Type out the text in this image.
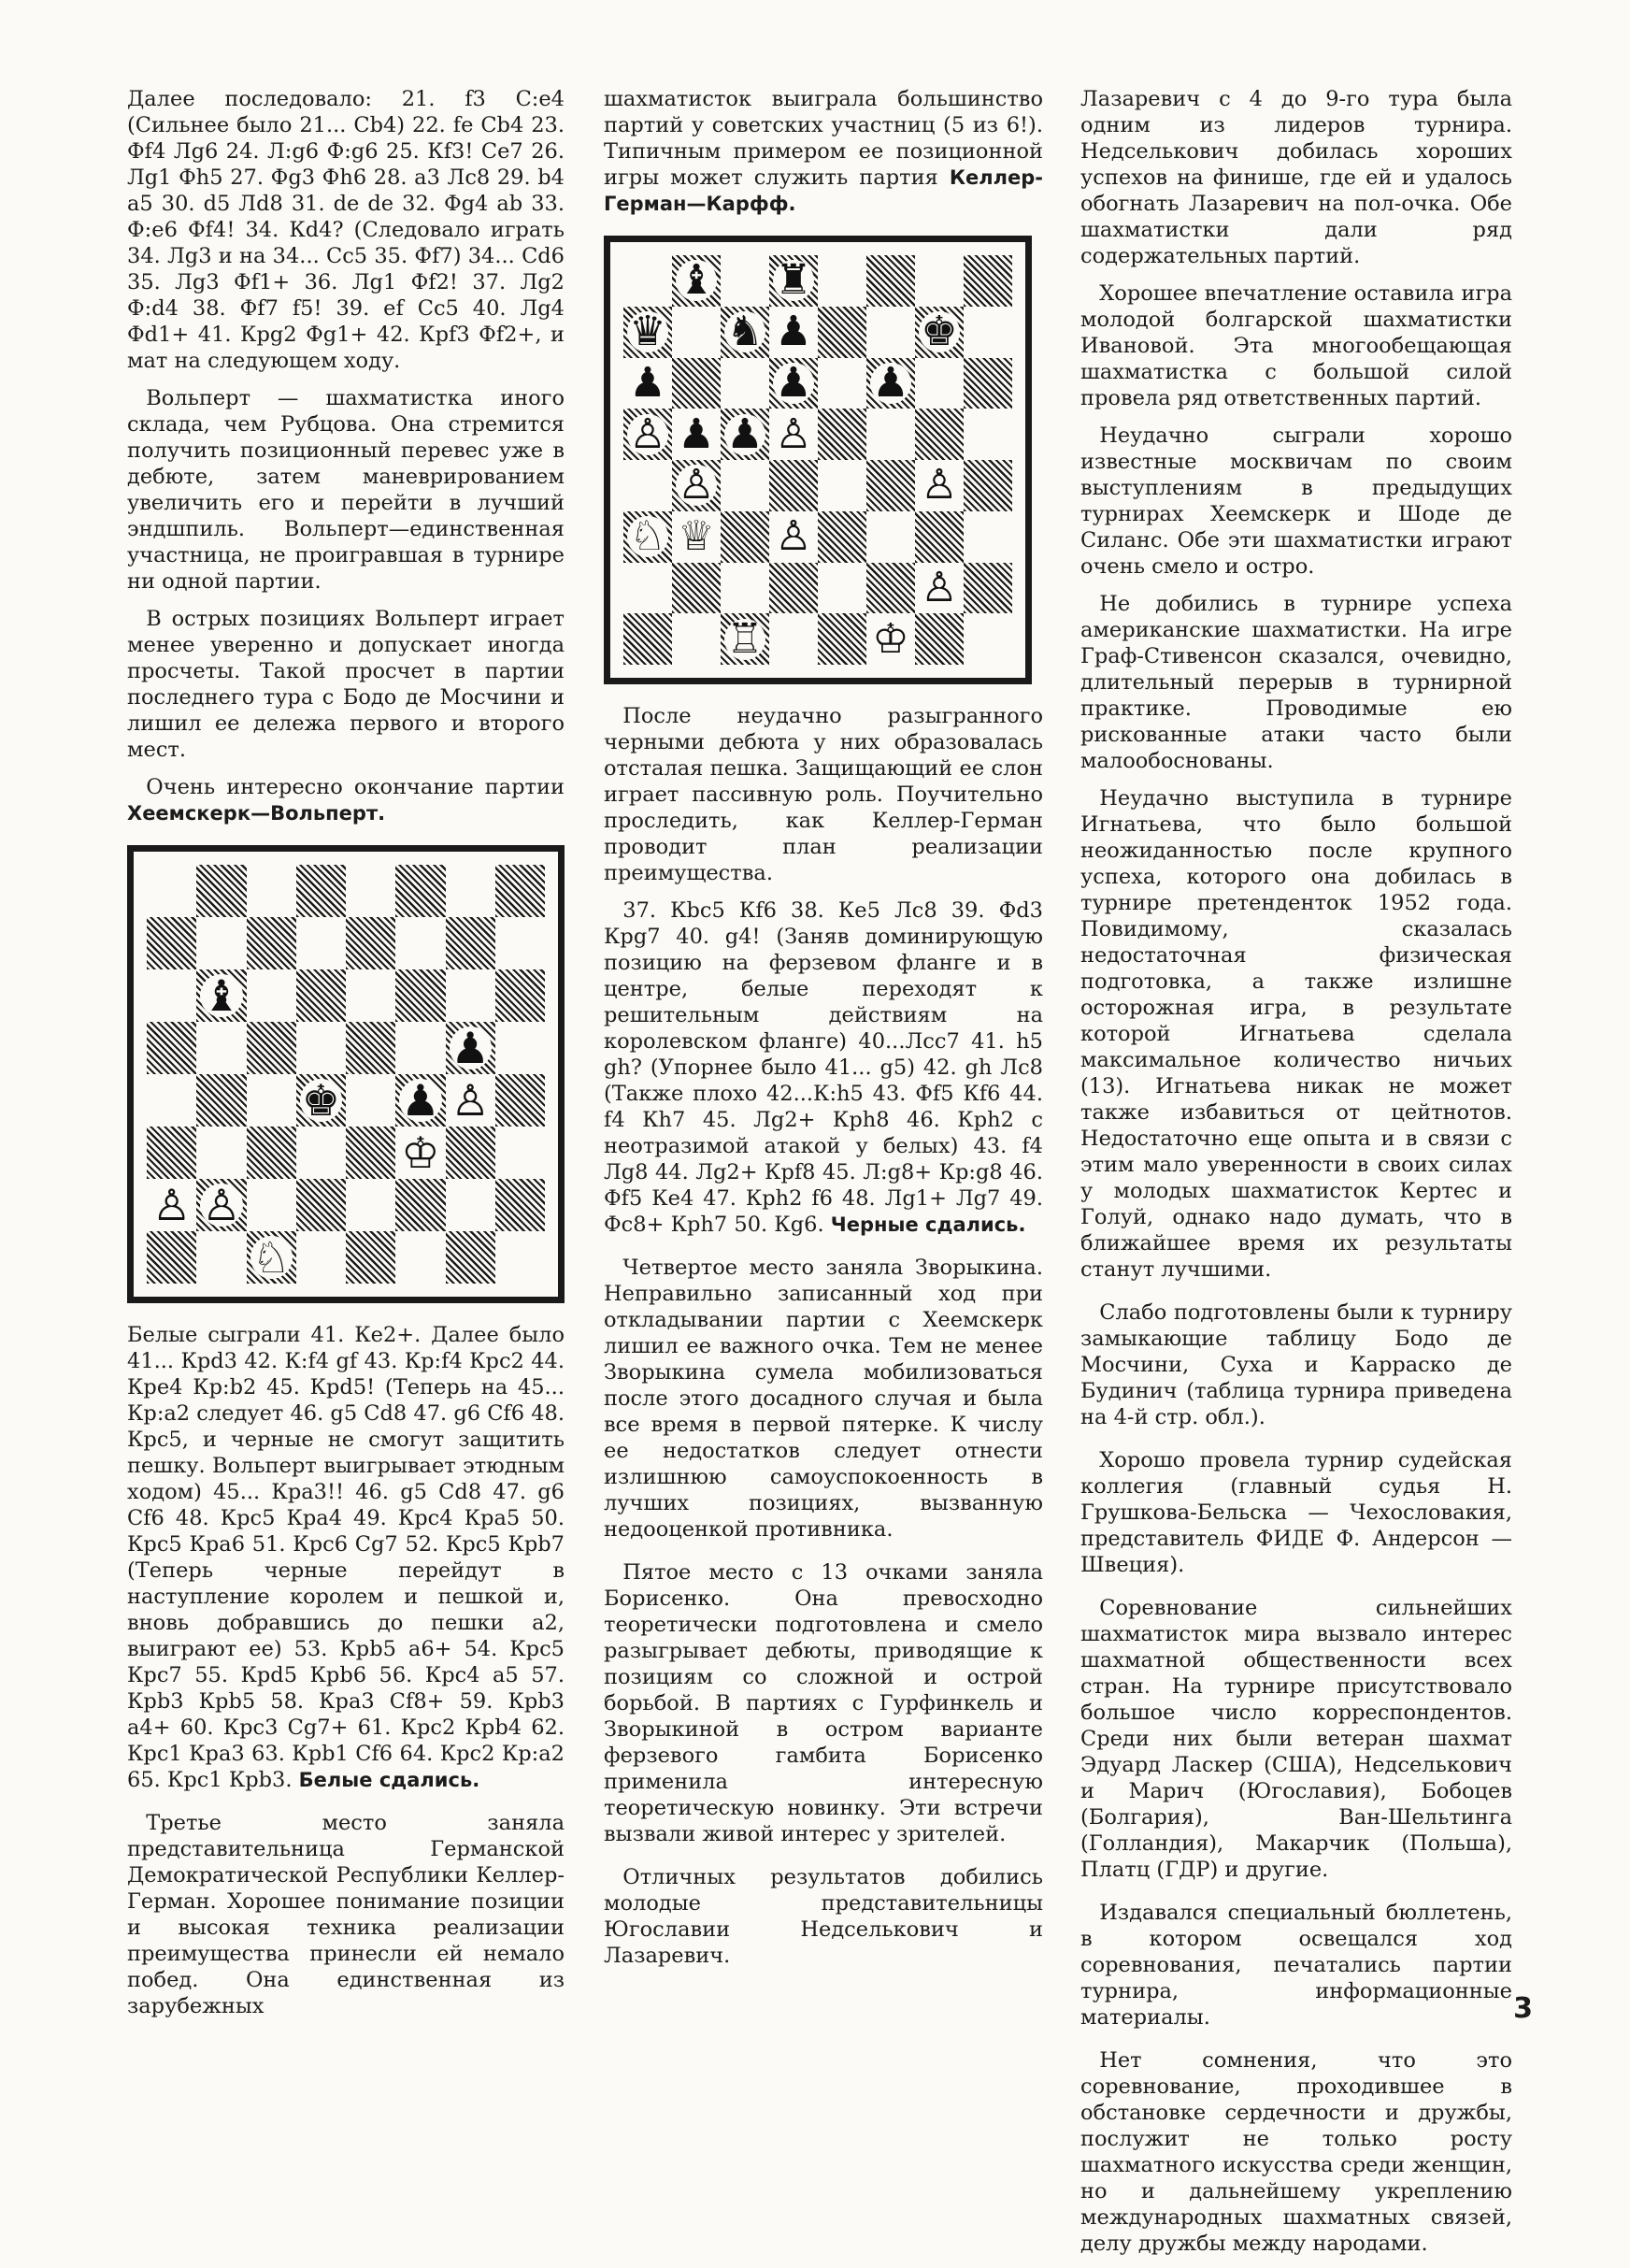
Далее последовало: 21. f3 С:е4 (Сильнее было 21... Сb4) 22. fe Сb4 23. Фf4 Лg6 24. Л:g6 Ф:g6 25. Кf3! Се7 26. Лg1 Фh5 27. Фg3 Фh6 28. а3 Лс8 29. b4 а5 30. d5 Лd8 31. de de 32. Фg4 аb 33. Ф:е6 Фf4! 34. Кd4? (Следовало играть 34. Лg3 и на 34... Сс5 35. Фf7) 34... Сd6 35. Лg3 Фf1+ 36. Лg1 Фf2! 37. Лg2 Ф:d4 38. Фf7 f5! 39. еf Сс5 40. Лg4 Фd1+ 41. Крg2 Фg1+ 42. Крf3 Фf2+, и мат на следующем ходу.

Вольперт — шахматистка иного склада, чем Рубцова. Она стремится получить позиционный перевес уже в дебюте, затем маневрированием увеличить его и перейти в лучший эндшпиль. Вольперт—единственная участница, не проигравшая в турнире ни одной партии.

В острых позициях Вольперт играет менее уверенно и допускает иногда просчеты. Такой просчет в партии последнего тура с Бодо де Мосчини и лишил ее дележа первого и второго мест.

Очень интересно окончание партии Хеемскерк—Вольперт.

♝
♟
♚ ♟ ♙
♔
♙ ♙
♘

Белые сыграли 41. Ке2+. Далее было 41... Крd3 42. К:f4 gf 43. Кр:f4 Крс2 44. Крe4 Кр:b2 45. Крd5! (Теперь на 45... Кр:а2 следует 46. g5 Сd8 47. g6 Сf6 48. Крс5, и черные не смогут защитить пешку. Вольперт выигрывает этюдным ходом) 45... Кра3!! 46. g5 Сd8 47. g6 Сf6 48. Крс5 Кра4 49. Крс4 Кра5 50. Крс5 Кра6 51. Крс6 Сg7 52. Крс5 Крb7 (Теперь черные перейдут в наступление королем и пешкой и, вновь добравшись до пешки а2, выиграют ее) 53. Крb5 а6+ 54. Крс5 Крс7 55. Крd5 Крb6 56. Крс4 а5 57. Крb3 Крb5 58. Кра3 Сf8+ 59. Крb3 а4+ 60. Крс3 Сg7+ 61. Крс2 Крb4 62. Крс1 Кра3 63. Крb1 Сf6 64. Крс2 Кр:а2 65. Крс1 Крb3. Белые сдались.

Третье место заняла представительница Германской Демократической Республики Келлер-Герман. Хорошее понимание позиции и высокая техника реализации преимущества принесли ей немало побед. Она единственная из зарубежных

шахматисток выиграла большинство партий у советских участниц (5 из 6!). Типичным примером ее позиционной игры может служить партия Келлер-Герман—Карфф.

♝ ♜
♛ ♞ ♟	♚
♟	♟ ♟
♙ ♟ ♟ ♙
♙	♙
♘ ♕ ♙
♙
♖	♔

После неудачно разыгранного черными дебюта у них образовалась отсталая пешка. Защищающий ее слон играет пассивную роль. Поучительно проследить, как Келлер-Герман проводит план реализации преимущества.

37. Кbс5 Кf6 38. Ке5 Лс8 39. Фd3 Крg7 40. g4! (Заняв доминирующую позицию на ферзевом фланге и в центре, белые переходят к решительным действиям на королевском фланге) 40...Лсс7 41. h5 gh? (Упорнее было 41... g5) 42. gh Лс8 (Также плохо 42...К:h5 43. Фf5 Кf6 44. f4 Кh7 45. Лg2+ Крh8 46. Крh2 с неотразимой атакой у белых) 43. f4 Лg8 44. Лg2+ Крf8 45. Л:g8+ Кр:g8 46. Фf5 Ке4 47. Крh2 f6 48. Лg1+ Лg7 49. Фс8+ Крh7 50. Кg6. Черные сдались.

Четвертое место заняла Зворыкина. Неправильно записанный ход при откладывании партии с Хеемскерк лишил ее важного очка. Тем не менее Зворыкина сумела мобилизоваться после этого досадного случая и была все время в первой пятерке. К числу ее недостатков следует отнести излишнюю самоуспокоенность в лучших позициях, вызванную недооценкой противника.

Пятое место с 13 очками заняла Борисенко. Она превосходно теоретически подготовлена и смело разыгрывает дебюты, приводящие к позициям со сложной и острой борьбой. В партиях с Гурфинкель и Зворыкиной в остром варианте ферзевого гамбита Борисенко применила интересную теоретическую новинку. Эти встречи вызвали живой интерес у зрителей.

Отличных результатов добились молодые представительницы Югославии Недселькович и Лазаревич.

Лазаревич с 4 до 9-го тура была одним из лидеров турнира. Недселькович добилась хороших успехов на финише, где ей и удалось обогнать Лазаревич на пол-очка. Обе шахматистки дали ряд содержательных партий.

Хорошее впечатление оставила игра молодой болгарской шахматистки Ивановой. Эта многообещающая шахматистка с большой силой провела ряд ответственных партий.

Неудачно сыграли хорошо известные москвичам по своим выступлениям в предыдущих турнирах Хеемскерк и Шоде де Силанс. Обе эти шахматистки играют очень смело и остро.

Не добились в турнире успеха американские шахматистки. На игре Граф-Стивенсон сказался, очевидно, длительный перерыв в турнирной практике. Проводимые ею рискованные атаки часто были малообоснованы.

Неудачно выступила в турнире Игнатьева, что было большой неожиданностью после крупного успеха, которого она добилась в турнире претенденток 1952 года. Повидимому, сказалась недостаточная физическая подготовка, а также излишне осторожная игра, в результате которой Игнатьева сделала максимальное количество ничьих (13). Игнатьева никак не может также избавиться от цейтнотов. Недостаточно еще опыта и в связи с этим мало уверенности в своих силах у молодых шахматисток Кертес и Голуй, однако надо думать, что в ближайшее время их результаты станут лучшими.

Слабо подготовлены были к турниру замыкающие таблицу Бодо де Мосчини, Суха и Карраско де Будинич (таблица турнира приведена на 4-й стр. обл.).

Хорошо провела турнир судейская коллегия (главный судья Н. Грушкова-Бельска — Чехословакия, представитель ФИДЕ Ф. Андерсон —Швеция).

Соревнование сильнейших шахматисток мира вызвало интерес шахматной общественности всех стран. На турнире присутствовало большое число корреспондентов. Среди них были ветеран шахмат Эдуард Ласкер (США), Недселькович и Марич (Югославия), Бобоцев (Болгария), Ван-Шельтинга (Голландия), Макарчик (Польша), Платц (ГДР) и другие.

Издавался специальный бюллетень, в котором освещался ход соревнования, печатались партии турнира, информационные материалы.

Нет сомнения, что это соревнование, проходившее в обстановке сердечности и дружбы, послужит не только росту шахматного искусства среди женщин, но и дальнейшему укреплению международных шахматных связей, делу дружбы между народами.

3
